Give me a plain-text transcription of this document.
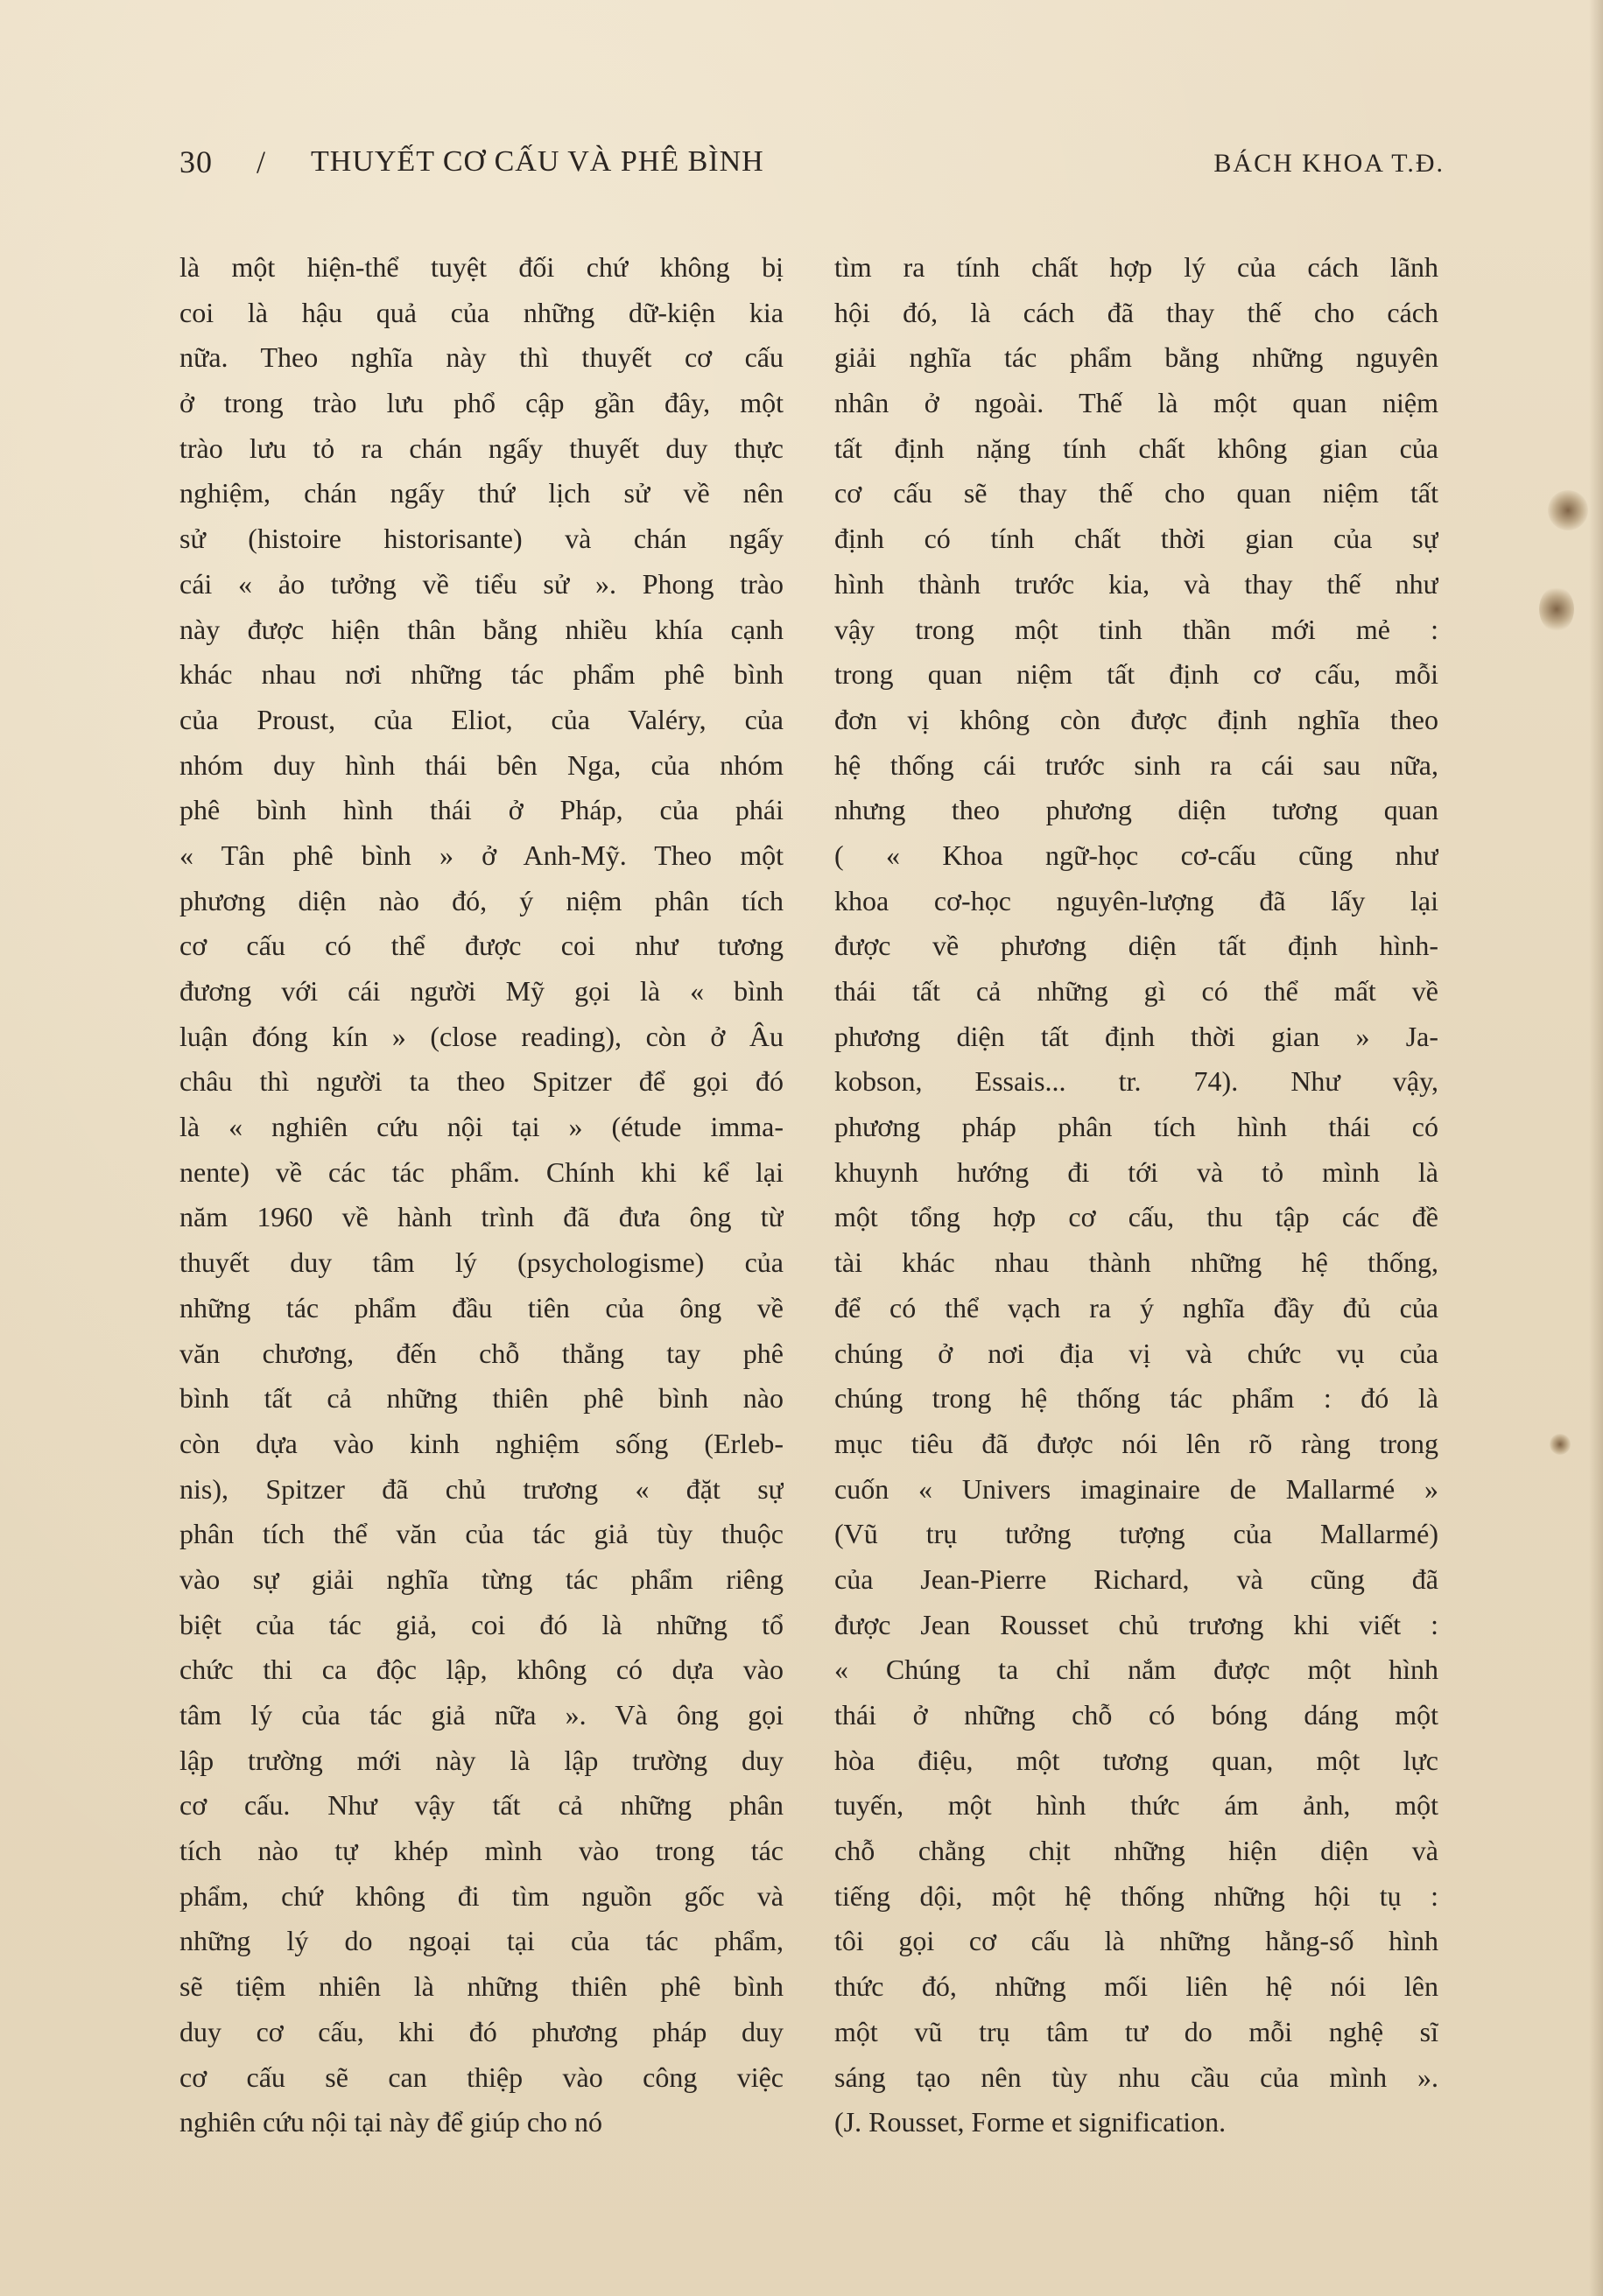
30 / THUYẾT CƠ CẤU VÀ PHÊ BÌNH	BÁCH KHOA T.Đ.
là một hiện-thể tuyệt đối chứ không bị
coi là hậu quả của những dữ-kiện kia
nữa. Theo nghĩa này thì thuyết cơ cấu
ở trong trào lưu phổ cập gần đây, một
trào lưu tỏ ra chán ngấy thuyết duy thực
nghiệm, chán ngấy thứ lịch sử về nên
sử (histoire historisante) và chán ngấy
cái « ảo tưởng về tiểu sử ». Phong trào
này được hiện thân bằng nhiều khía cạnh
khác nhau nơi những tác phẩm phê bình
của Proust, của Eliot, của Valéry, của
nhóm duy hình thái bên Nga, của nhóm
phê bình hình thái ở Pháp, của phái
« Tân phê bình » ở Anh-Mỹ. Theo một
phương diện nào đó, ý niệm phân tích
cơ cấu có thể được coi như tương
đương với cái người Mỹ gọi là « bình
luận đóng kín » (close reading), còn ở Âu
châu thì người ta theo Spitzer để gọi đó
là « nghiên cứu nội tại » (étude imma-
nente) về các tác phẩm. Chính khi kể lại
năm 1960 về hành trình đã đưa ông từ
thuyết duy tâm lý (psychologisme) của
những tác phẩm đầu tiên của ông về
văn chương, đến chỗ thẳng tay phê
bình tất cả những thiên phê bình nào
còn dựa vào kinh nghiệm sống (Erleb-
nis), Spitzer đã chủ trương « đặt sự
phân tích thể văn của tác giả tùy thuộc
vào sự giải nghĩa từng tác phẩm riêng
biệt của tác giả, coi đó là những tổ
chức thi ca độc lập, không có dựa vào
tâm lý của tác giả nữa ». Và ông gọi
lập trường mới này là lập trường duy
cơ cấu. Như vậy tất cả những phân
tích nào tự khép mình vào trong tác
phẩm, chứ không đi tìm nguồn gốc và
những lý do ngoại tại của tác phẩm,
sẽ tiệm nhiên là những thiên phê bình
duy cơ cấu, khi đó phương pháp duy
cơ cấu sẽ can thiệp vào công việc
nghiên cứu nội tại này để giúp cho nó
tìm ra tính chất hợp lý của cách lãnh
hội đó, là cách đã thay thế cho cách
giải nghĩa tác phẩm bằng những nguyên
nhân ở ngoài. Thế là một quan niệm
tất định nặng tính chất không gian của
cơ cấu sẽ thay thế cho quan niệm tất
định có tính chất thời gian của sự
hình thành trước kia, và thay thế như
vậy trong một tinh thần mới mẻ :
trong quan niệm tất định cơ cấu, mỗi
đơn vị không còn được định nghĩa theo
hệ thống cái trước sinh ra cái sau nữa,
nhưng theo phương diện tương quan
( « Khoa ngữ-học cơ-cấu cũng như
khoa cơ-học nguyên-lượng đã lấy lại
được về phương diện tất định hình-
thái tất cả những gì có thể mất về
phương diện tất định thời gian » Ja-
kobson, Essais... tr. 74). Như vậy,
phương pháp phân tích hình thái có
khuynh hướng đi tới và tỏ mình là
một tổng hợp cơ cấu, thu tập các đề
tài khác nhau thành những hệ thống,
để có thể vạch ra ý nghĩa đầy đủ của
chúng ở nơi địa vị và chức vụ của
chúng trong hệ thống tác phẩm : đó là
mục tiêu đã được nói lên rõ ràng trong
cuốn « Univers imaginaire de Mallarmé »
(Vũ trụ tưởng tượng của Mallarmé)
của Jean-Pierre Richard, và cũng đã
được Jean Rousset chủ trương khi viết :
« Chúng ta chỉ nắm được một hình
thái ở những chỗ có bóng dáng một
hòa điệu, một tương quan, một lực
tuyến, một hình thức ám ảnh, một
chỗ chằng chịt những hiện diện và
tiếng dội, một hệ thống những hội tụ :
tôi gọi cơ cấu là những hằng-số hình
thức đó, những mối liên hệ nói lên
một vũ trụ tâm tư do mỗi nghệ sĩ
sáng tạo nên tùy nhu cầu của mình ».
(J. Rousset, Forme et signification.
